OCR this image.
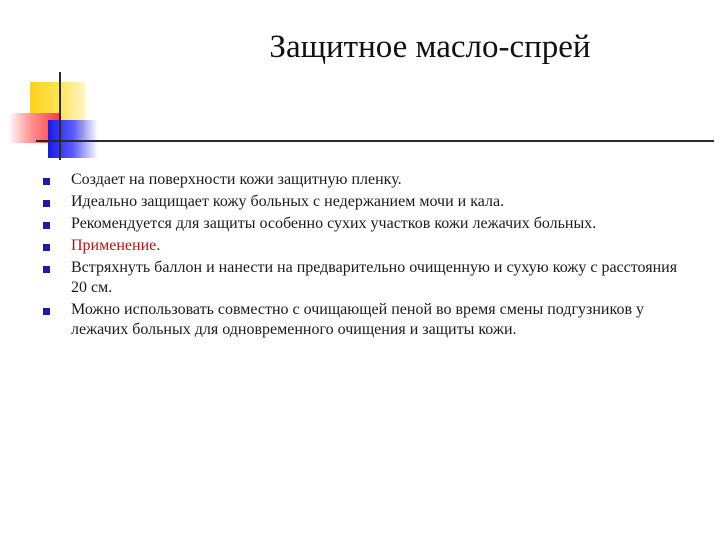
Защитное масло-спрей
Создает на поверхности кожи защитную пленку.
Идеально защищает кожу больных с недержанием мочи и кала.
Рекомендуется для защиты особенно сухих участков кожи лежачих больных.
Применение.
Встряхнуть баллон и нанести на предварительно очищенную и сухую кожу с расстояния 20 см.
Можно использовать совместно с очищающей пеной во время смены подгузников у лежачих больных для одновременного очищения и защиты кожи.
